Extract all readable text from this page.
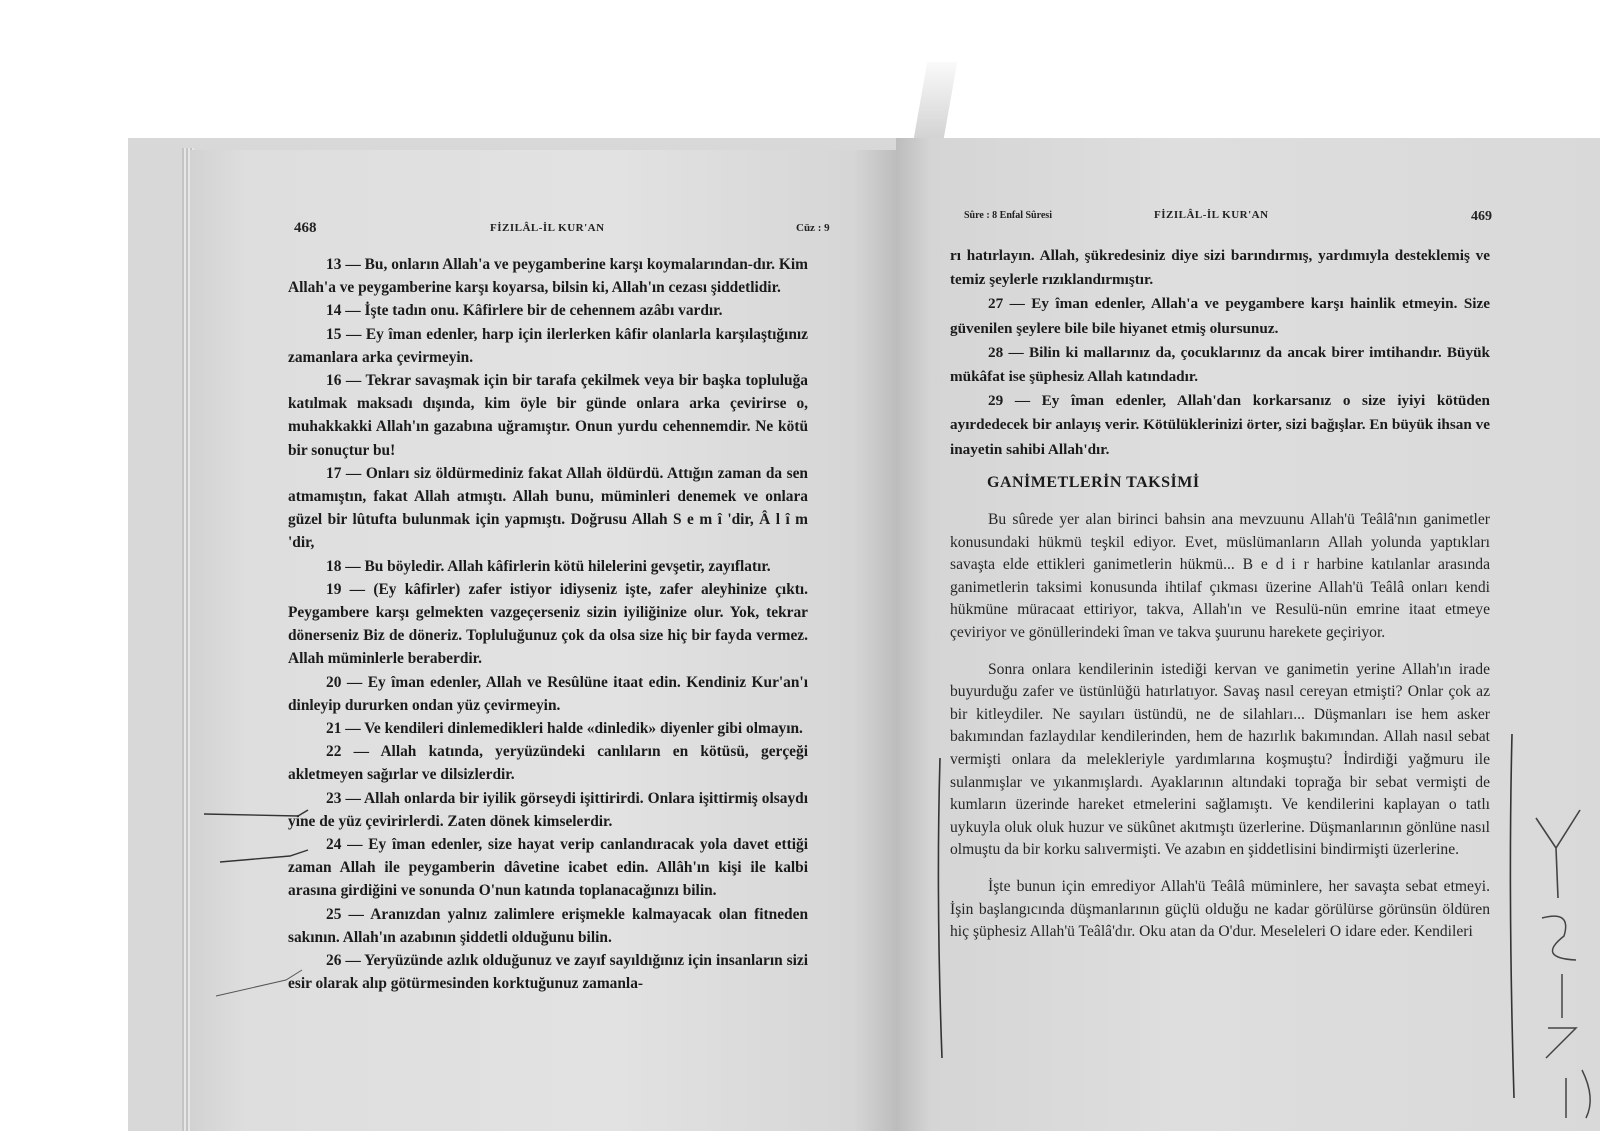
468	FİZILÂL-İL KUR'AN	Cüz : 9

13 — Bu, onların Allah'a ve peygamberine karşı koymalarından-dır. Kim Allah'a ve peygamberine karşı koyarsa, bilsin ki, Allah'ın cezası şiddetlidir.

14 — İşte tadın onu. Kâfirlere bir de cehennem azâbı vardır.

15 — Ey îman edenler, harp için ilerlerken kâfir olanlarla karşılaştığınız zamanlara arka çevirmeyin.

16 — Tekrar savaşmak için bir tarafa çekilmek veya bir başka topluluğa katılmak maksadı dışında, kim öyle bir günde onlara arka çevirirse o, muhakkakki Allah'ın gazabına uğramıştır. Onun yurdu cehennemdir. Ne kötü bir sonuçtur bu!

17 — Onları siz öldürmediniz fakat Allah öldürdü. Attığın zaman da sen atmamıştın, fakat Allah atmıştı. Allah bunu, müminleri denemek ve onlara güzel bir lûtufta bulunmak için yapmıştı. Doğrusu Allah S e m î 'dir, Â l î m 'dir,

18 — Bu böyledir. Allah kâfirlerin kötü hilelerini gevşetir, zayıflatır.

19 — (Ey kâfirler) zafer istiyor idiyseniz işte, zafer aleyhinize çıktı. Peygambere karşı gelmekten vazgeçerseniz sizin iyiliğinize olur. Yok, tekrar dönerseniz Biz de döneriz. Topluluğunuz çok da olsa size hiç bir fayda vermez. Allah müminlerle beraberdir.

20 — Ey îman edenler, Allah ve Resûlüne itaat edin. Kendiniz Kur'an'ı dinleyip dururken ondan yüz çevirmeyin.

21 — Ve kendileri dinlemedikleri halde «dinledik» diyenler gibi olmayın.

22 — Allah katında, yeryüzündeki canlıların en kötüsü, gerçeği akletmeyen sağırlar ve dilsizlerdir.

23 — Allah onlarda bir iyilik görseydi işittirirdi. Onlara işittirmiş olsaydı yine de yüz çevirirlerdi. Zaten dönek kimselerdir.

24 — Ey îman edenler, size hayat verip canlandıracak yola davet ettiği zaman Allah ile peygamberin dâvetine icabet edin. Allâh'ın kişi ile kalbi arasına girdiğini ve sonunda O'nun katında toplanacağınızı bilin.

25 — Aranızdan yalnız zalimlere erişmekle kalmayacak olan fitneden sakının. Allah'ın azabının şiddetli olduğunu bilin.

26 — Yeryüzünde azlık olduğunuz ve zayıf sayıldığınız için insanların sizi esir olarak alıp götürmesinden korktuğunuz zamanla-

Sûre : 8 Enfal Sûresi	FİZILÂL-İL KUR'AN	469

rı hatırlayın. Allah, şükredesiniz diye sizi barındırmış, yardımıyla desteklemiş ve temiz şeylerle rızıklandırmıştır.

27 — Ey îman edenler, Allah'a ve peygambere karşı hainlik etmeyin. Size güvenilen şeylere bile bile hiyanet etmiş olursunuz.

28 — Bilin ki mallarınız da, çocuklarınız da ancak birer imtihandır. Büyük mükâfat ise şüphesiz Allah katındadır.

29 — Ey îman edenler, Allah'dan korkarsanız o size iyiyi kötüden ayırdedecek bir anlayış verir. Kötülüklerinizi örter, sizi bağışlar. En büyük ihsan ve inayetin sahibi Allah'dır.

GANİMETLERİN TAKSİMİ

Bu sûrede yer alan birinci bahsin ana mevzuunu Allah'ü Teâlâ'nın ganimetler konusundaki hükmü teşkil ediyor. Evet, müslümanların Allah yolunda yaptıkları savaşta elde ettikleri ganimetlerin hükmü... B e d i r harbine katılanlar arasında ganimetlerin taksimi konusunda ihtilaf çıkması üzerine Allah'ü Teâlâ onları kendi hükmüne müracaat ettiriyor, takva, Allah'ın ve Resulü-nün emrine itaat etmeye çeviriyor ve gönüllerindeki îman ve takva şuurunu harekete geçiriyor.

Sonra onlara kendilerinin istediği kervan ve ganimetin yerine Allah'ın irade buyurduğu zafer ve üstünlüğü hatırlatıyor. Savaş nasıl cereyan etmişti? Onlar çok az bir kitleydiler. Ne sayıları üstündü, ne de silahları... Düşmanları ise hem asker bakımından fazlaydılar kendilerinden, hem de hazırlık bakımından. Allah nasıl sebat vermişti onlara da melekleriyle yardımlarına koşmuştu? İndirdiği yağmuru ile sulanmışlar ve yıkanmışlardı. Ayaklarının altındaki toprağa bir sebat vermişti de kumların üzerinde hareket etmelerini sağlamıştı. Ve kendilerini kaplayan o tatlı uykuyla oluk oluk huzur ve sükûnet akıtmıştı üzerlerine. Düşmanlarının gönlüne nasıl olmuştu da bir korku salıvermişti. Ve azabın en şiddetlisini bindirmişti üzerlerine.

İşte bunun için emrediyor Allah'ü Teâlâ müminlere, her savaşta sebat etmeyi. İşin başlangıcında düşmanlarının güçlü olduğu ne kadar görülürse görünsün öldüren hiç şüphesiz Allah'ü Teâlâ'dır. Oku atan da O'dur. Meseleleri O idare eder. Kendileri
